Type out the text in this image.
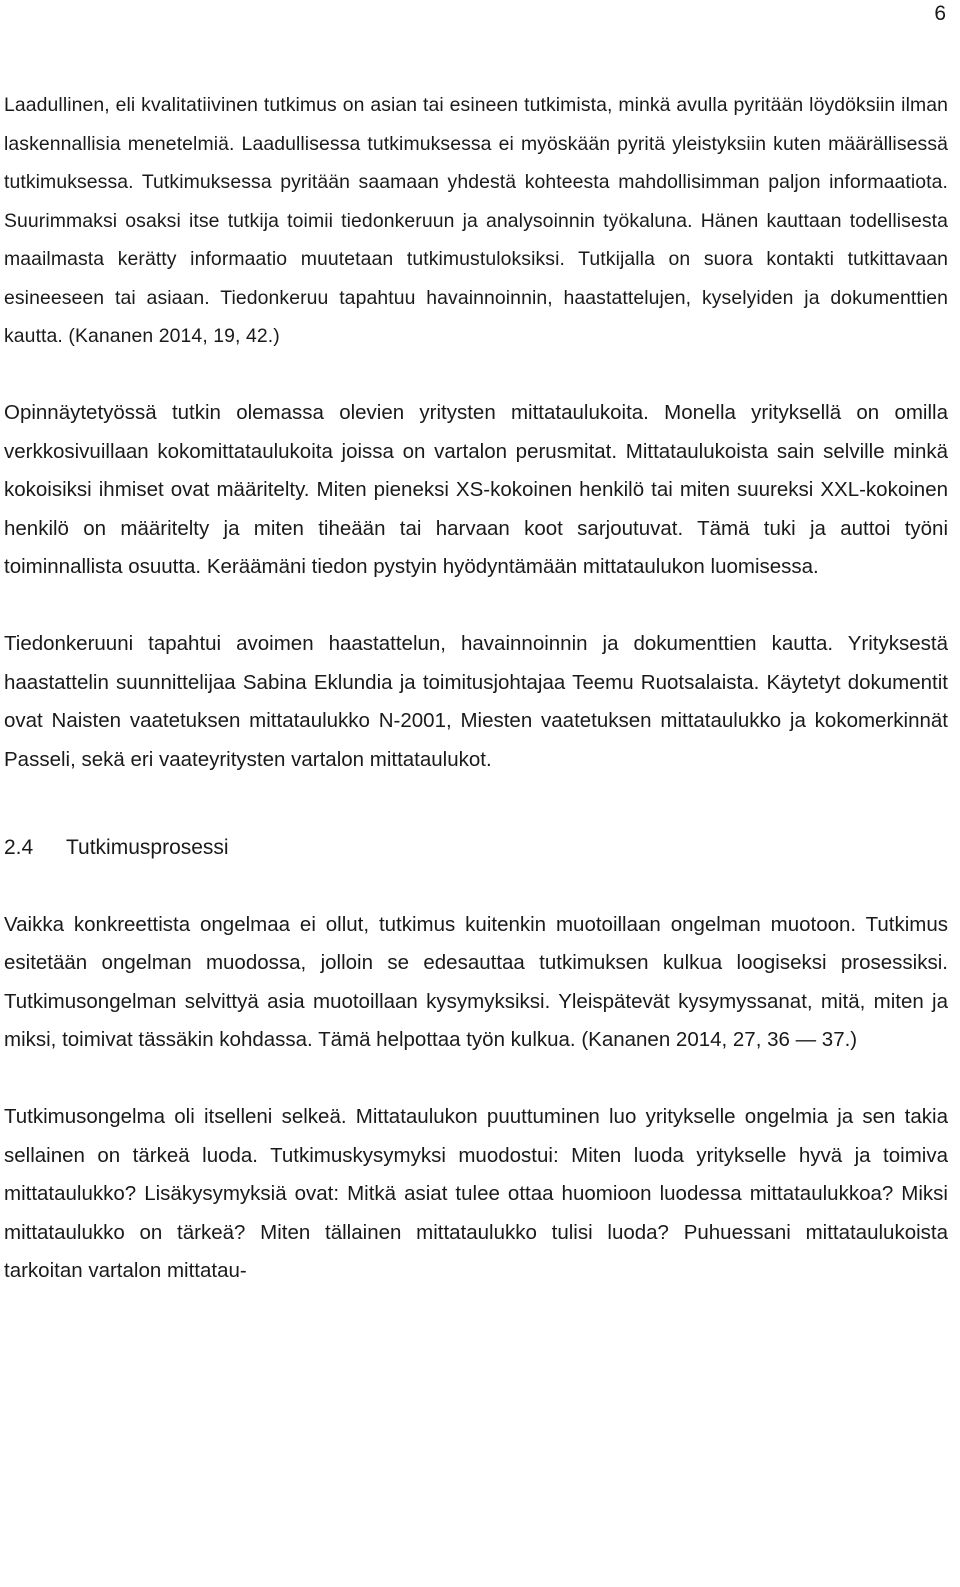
6

Laadullinen, eli kvalitatiivinen tutkimus on asian tai esineen tutkimista, minkä avulla pyritään löydöksiin ilman laskennallisia menetelmiä. Laadullisessa tutkimuksessa ei myöskään pyritä yleistyksiin kuten määrällisessä tutkimuksessa. Tutkimuksessa pyritään saamaan yhdestä kohteesta mahdollisimman paljon informaatiota. Suurimmaksi osaksi itse tutkija toimii tiedonkeruun ja analysoinnin työkaluna. Hänen kauttaan todellisesta maailmasta kerätty informaatio muutetaan tutkimustuloksiksi. Tutkijalla on suora kontakti tutkittavaan esineeseen tai asiaan. Tiedonkeruu tapahtuu havainnoinnin, haastattelujen, kyselyiden ja dokumenttien kautta. (Kananen 2014, 19, 42.)

Opinnäytetyössä tutkin olemassa olevien yritysten mittataulukoita. Monella yrityksellä on omilla verkkosivuillaan kokomittataulukoita joissa on vartalon perusmitat. Mittataulukoista sain selville minkä kokoisiksi ihmiset ovat määritelty. Miten pieneksi XS-kokoinen henkilö tai miten suureksi XXL-kokoinen henkilö on määritelty ja miten tiheään tai harvaan koot sarjoutuvat. Tämä tuki ja auttoi työni toiminnallista osuutta. Keräämäni tiedon pystyin hyödyntämään mittataulukon luomisessa.

Tiedonkeruuni tapahtui avoimen haastattelun, havainnoinnin ja dokumenttien kautta. Yrityksestä haastattelin suunnittelijaa Sabina Eklundia ja toimitusjohtajaa Teemu Ruotsalaista. Käytetyt dokumentit ovat Naisten vaatetuksen mittataulukko N-2001, Miesten vaatetuksen mittataulukko ja kokomerkinnät Passeli, sekä eri vaateyritysten vartalon mittataulukot.

2.4	Tutkimusprosessi

Vaikka konkreettista ongelmaa ei ollut, tutkimus kuitenkin muotoillaan ongelman muotoon. Tutkimus esitetään ongelman muodossa, jolloin se edesauttaa tutkimuksen kulkua loogiseksi prosessiksi. Tutkimusongelman selvittyä asia muotoillaan kysymyksiksi. Yleispätevät kysymyssanat, mitä, miten ja miksi, toimivat tässäkin kohdassa. Tämä helpottaa työn kulkua. (Kananen 2014, 27, 36 — 37.)

Tutkimusongelma oli itselleni selkeä. Mittataulukon puuttuminen luo yritykselle ongelmia ja sen takia sellainen on tärkeä luoda. Tutkimuskysymyksi muodostui: Miten luoda yritykselle hyvä ja toimiva mittataulukko? Lisäkysymyksiä ovat: Mitkä asiat tulee ottaa huomioon luodessa mittataulukkoa? Miksi mittataulukko on tärkeä? Miten tällainen mittataulukko tulisi luoda? Puhuessani mittataulukoista tarkoitan vartalon mittatau-
